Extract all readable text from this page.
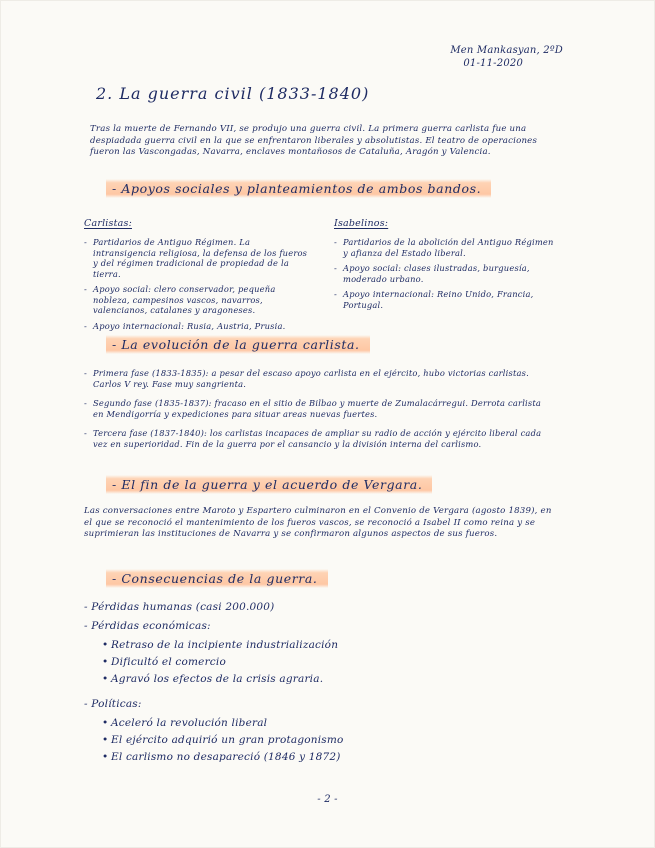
Men Mankasyan, 2ºD
01-11-2020
2. La guerra civil (1833-1840)
Tras la muerte de Fernando VII, se produjo una guerra civil. La primera guerra carlista fue una despiadada guerra civil en la que se enfrentaron liberales y absolutistas. El teatro de operaciones fueron las Vascongadas, Navarra, enclaves montañosos de Cataluña, Aragón y Valencia.
- Apoyos sociales y planteamientos de ambos bandos.
Carlistas:
- Partidarios de Antiguo Régimen. La intransigencia religiosa, la defensa de los fueros y del régimen tradicional de propiedad de la tierra.
- Apoyo social: clero conservador, pequeña nobleza, campesinos vascos, navarros, valencianos, catalanes y aragoneses.
- Apoyo internacional: Rusia, Austria, Prusia.
Isabelinos:
- Partidarios de la abolición del Antiguo Régimen y afianza del Estado liberal.
- Apoyo social: clases ilustradas, burguesía, moderado urbano.
- Apoyo internacional: Reino Unido, Francia, Portugal.
- La evolución de la guerra carlista.
- Primera fase (1833-1835): a pesar del escaso apoyo carlista en el ejército, hubo victorias carlistas. Carlos V rey. Fase muy sangrienta.
- Segundo fase (1835-1837): fracaso en el sitio de Bilbao y muerte de Zumalacárregui. Derrota carlista en Mendigorría y expediciones para situar areas nuevas fuertes.
- Tercera fase (1837-1840): los carlistas incapaces de ampliar su radio de acción y ejército liberal cada vez en superioridad. Fin de la guerra por el cansancio y la división interna del carlismo.
- El fin de la guerra y el acuerdo de Vergara.
Las conversaciones entre Maroto y Espartero culminaron en el Convenio de Vergara (agosto 1839), en el que se reconoció el mantenimiento de los fueros vascos, se reconoció a Isabel II como reina y se suprimieran las instituciones de Navarra y se confirmaron algunos aspectos de sus fueros.
- Consecuencias de la guerra.
- Pérdidas humanas (casi 200.000)
- Pérdidas económicas:
• Retraso de la incipiente industrialización
• Dificultó el comercio
• Agravó los efectos de la crisis agraria.
- Políticas:
• Aceleró la revolución liberal
• El ejército adquirió un gran protagonismo
• El carlismo no desapareció (1846 y 1872)
- 2 -
